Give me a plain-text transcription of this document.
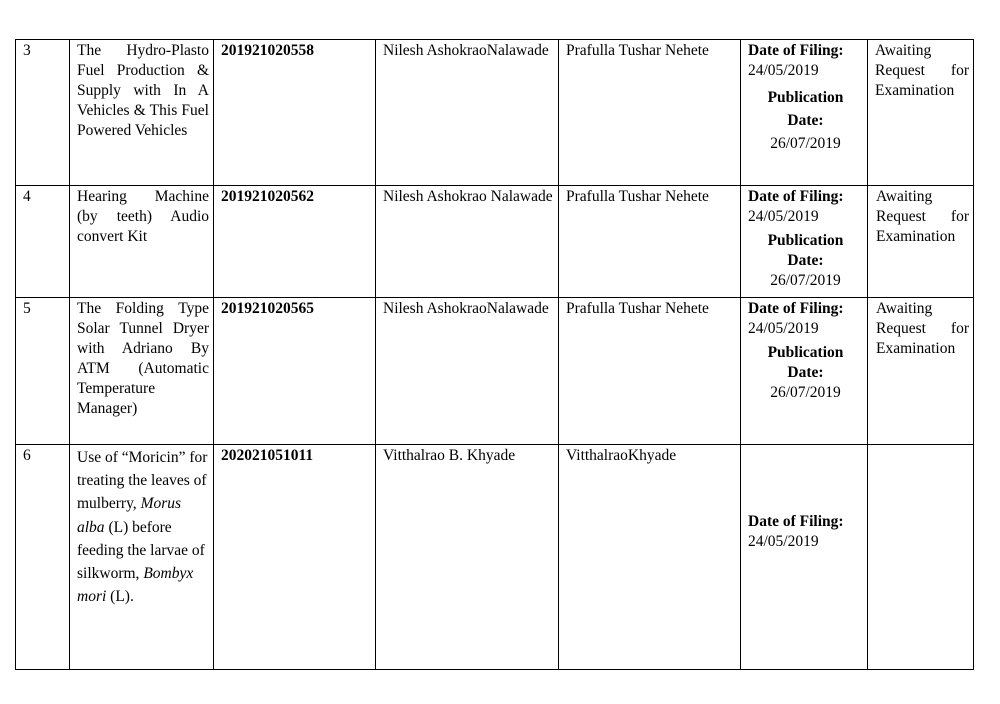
3	The Hydro-Plasto Fuel Production & Supply with In A Vehicles & This Fuel Powered Vehicles	201921020558	Nilesh AshokraoNalawade	Prafulla Tushar Nehete	Date of Filing:
24/05/2019
Publication Date:
26/07/2019	Awaiting Request for Examination
4	Hearing Machine (by teeth) Audio convert Kit	201921020562	Nilesh Ashokrao Nalawade	Prafulla Tushar Nehete	Date of Filing:
24/05/2019
Publication Date:
26/07/2019	Awaiting Request for Examination
5	The Folding Type Solar Tunnel Dryer with Adriano By ATM (Automatic Temperature Manager)	201921020565	Nilesh AshokraoNalawade	Prafulla Tushar Nehete	Date of Filing:
24/05/2019
Publication Date:
26/07/2019	Awaiting Request for Examination
6	Use of “Moricin” for treating the leaves of mulberry, Morus alba (L) before feeding the larvae of silkworm, Bombyx mori (L).	202021051011	Vitthalrao B. Khyade	VitthalraoKhyade	Date of Filing:
24/05/2019	
